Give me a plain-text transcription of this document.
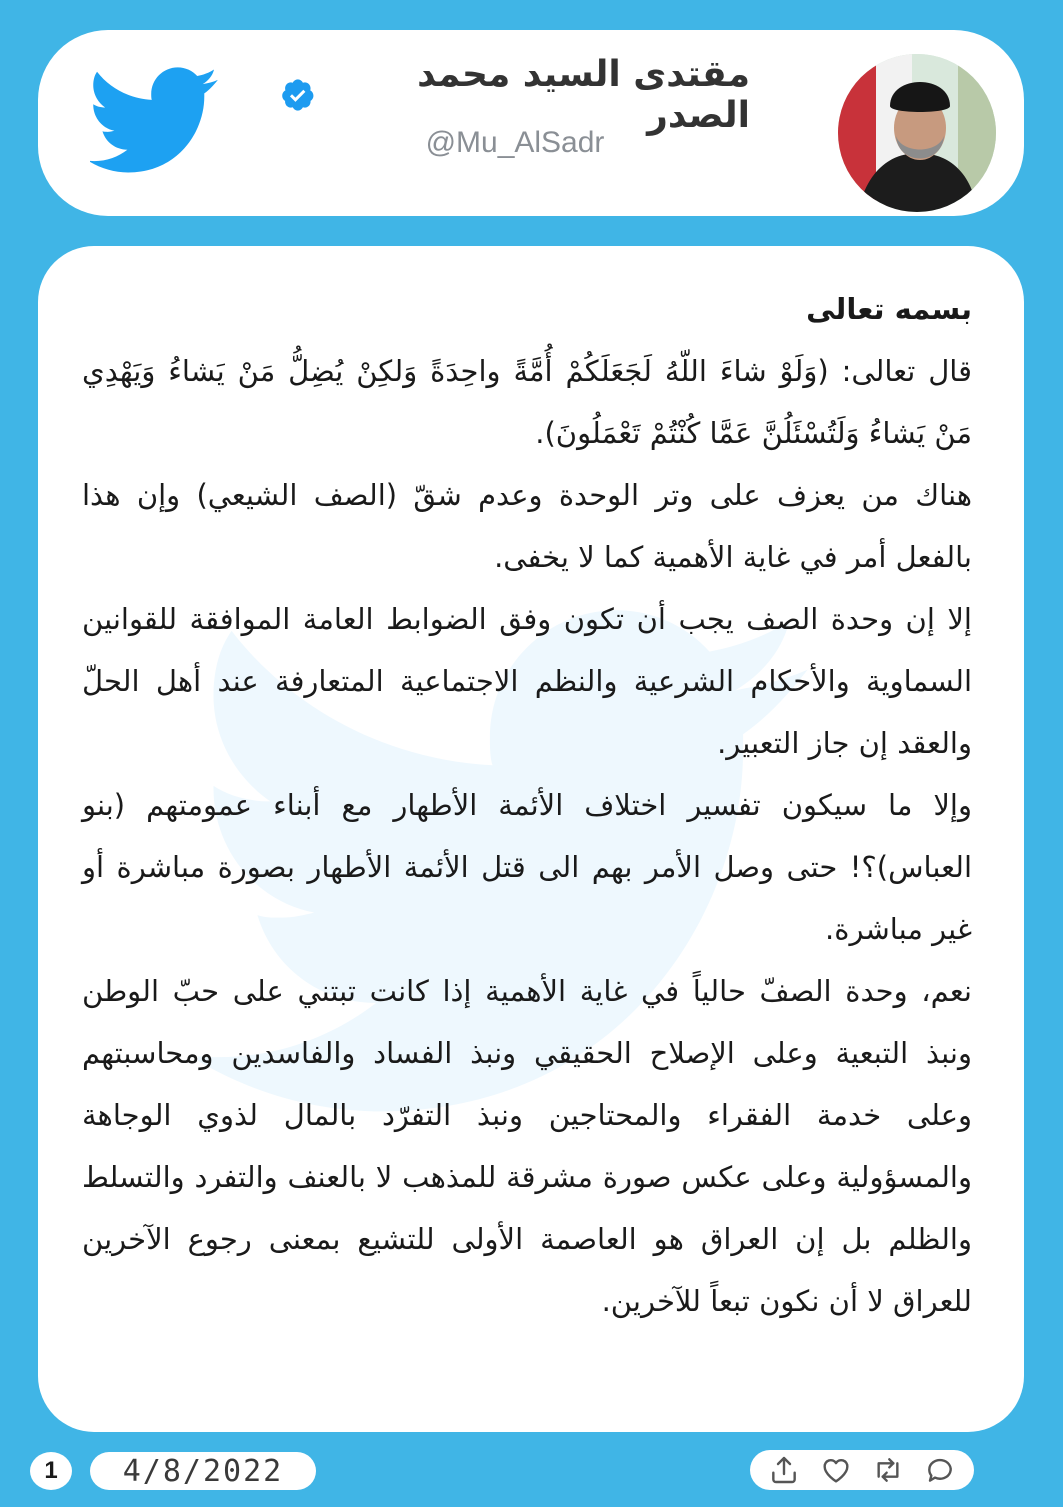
مقتدى السيد محمد الصدر
@Mu_AlSadr

بسمه تعالى

قال تعالى: (وَلَوْ شاءَ اللّهُ لَجَعَلَكُمْ أُمَّةً واحِدَةً وَلكِنْ يُضِلُّ مَنْ يَشاءُ وَيَهْدِي مَنْ يَشاءُ وَلَتُسْئَلُنَّ عَمَّا كُنْتُمْ تَعْمَلُونَ).

هناك من يعزف على وتر الوحدة وعدم شقّ (الصف الشيعي) وإن هذا بالفعل أمر في غاية الأهمية كما لا يخفى.

إلا إن وحدة الصف يجب أن تكون وفق الضوابط العامة الموافقة للقوانين السماوية والأحكام الشرعية والنظم الاجتماعية المتعارفة عند أهل الحلّ والعقد إن جاز التعبير.

وإلا ما سيكون تفسير اختلاف الأئمة الأطهار مع أبناء عمومتهم (بنو العباس)؟! حتى وصل الأمر بهم الى قتل الأئمة الأطهار بصورة مباشرة أو غير مباشرة.

نعم، وحدة الصفّ حالياً في غاية الأهمية إذا كانت تبتني على حبّ الوطن ونبذ التبعية وعلى الإصلاح الحقيقي ونبذ الفساد والفاسدين ومحاسبتهم وعلى خدمة الفقراء والمحتاجين ونبذ التفرّد بالمال لذوي الوجاهة والمسؤولية وعلى عكس صورة مشرقة للمذهب لا بالعنف والتفرد والتسلط والظلم بل إن العراق هو العاصمة الأولى للتشيع بمعنى رجوع الآخرين للعراق لا أن نكون تبعاً للآخرين.

1 4/8/2022
